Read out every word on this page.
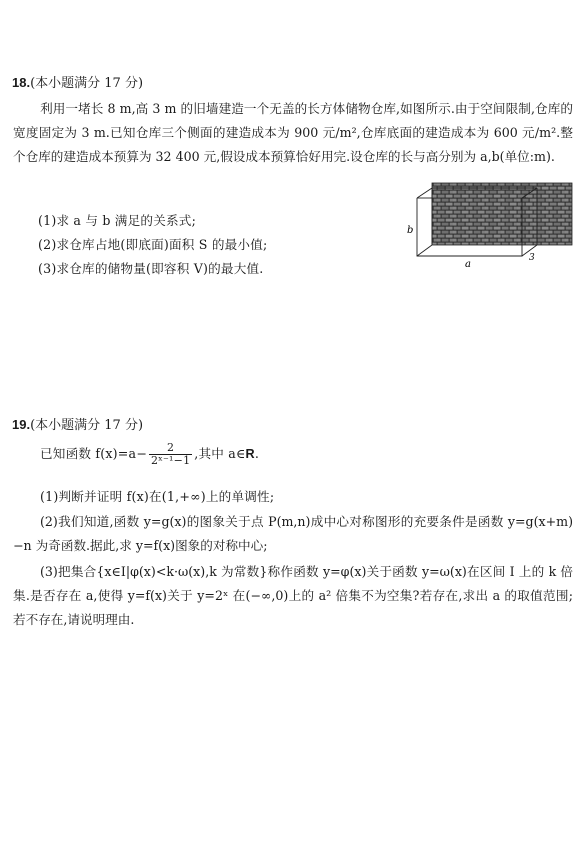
18.(本小题满分 17 分)
利用一堵长 8 m,高 3 m 的旧墙建造一个无盖的长方体储物仓库,如图所示.由于空间限制,仓库的宽度固定为 3 m.已知仓库三个侧面的建造成本为 900 元/m²,仓库底面的建造成本为 600 元/m².整个仓库的建造成本预算为 32 400 元,假设成本预算恰好用完.设仓库的长与高分别为 a,b(单位:m).
(1)求 a 与 b 满足的关系式;
(2)求仓库占地(即底面)面积 S 的最小值;
(3)求仓库的储物量(即容积 V)的最大值.
b
a
3
19.(本小题满分 17 分)
已知函数 $f(x)=a- \frac{2}{\text{2ˣ⁻¹−1}}$ ,其中 a∈R.
(1)判断并证明 f(x)在(1,+∞)上的单调性;
(2)我们知道,函数 y=g(x)的图象关于点 P(m,n)成中心对称图形的充要条件是函数 y=g(x+m)−n 为奇函数.据此,求 y=f(x)图象的对称中心;
(3)把集合{x∈I|φ(x)<k·ω(x),k 为常数}称作函数 y=φ(x)关于函数 y=ω(x)在区间 I 上的 k 倍集.是否存在 a,使得 y=f(x)关于 y=2ˣ 在(−∞,0)上的 a² 倍集不为空集?若存在,求出 a 的取值范围;若不存在,请说明理由.
